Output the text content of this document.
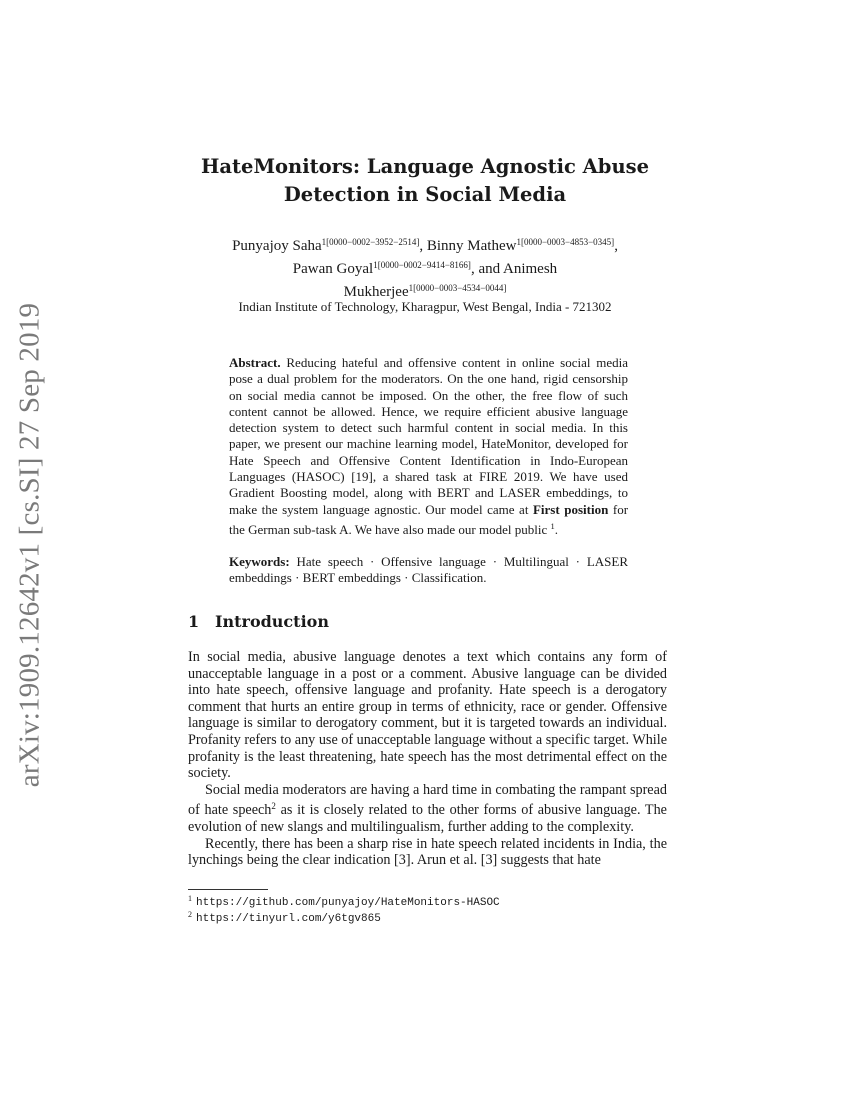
arXiv:1909.12642v1 [cs.SI] 27 Sep 2019
HateMonitors: Language Agnostic Abuse
Detection in Social Media
Punyajoy Saha$^{1[0000-0002-3952-2514]}$, Binny Mathew$^{1[0000-0003-4853-0345]}$,
Pawan Goyal$^{1[0000-0002-9414-8166]}$, and Animesh
Mukherjee$^{1[0000-0003-4534-0044]}$
Indian Institute of Technology, Kharagpur, West Bengal, India - 721302
Abstract. Reducing hateful and offensive content in online social media pose a dual problem for the moderators. On the one hand, rigid censorship on social media cannot be imposed. On the other, the free flow of such content cannot be allowed. Hence, we require efficient abusive language detection system to detect such harmful content in social media. In this paper, we present our machine learning model, HateMonitor, developed for Hate Speech and Offensive Content Identification in Indo-European Languages (HASOC) [19], a shared task at FIRE 2019. We have used Gradient Boosting model, along with BERT and LASER embeddings, to make the system language agnostic. Our model came at First position for the German sub-task A. We have also made our model public $^1$.
Keywords: Hate speech · Offensive language · Multilingual · LASER embeddings · BERT embeddings · Classification.
1 Introduction

In social media, abusive language denotes a text which contains any form of unacceptable language in a post or a comment. Abusive language can be divided into hate speech, offensive language and profanity. Hate speech is a derogatory comment that hurts an entire group in terms of ethnicity, race or gender. Offensive language is similar to derogatory comment, but it is targeted towards an individual. Profanity refers to any use of unacceptable language without a specific target. While profanity is the least threatening, hate speech has the most detrimental effect on the society.

Social media moderators are having a hard time in combating the rampant spread of hate speech$^2$ as it is closely related to the other forms of abusive language. The evolution of new slangs and multilingualism, further adding to the complexity.

Recently, there has been a sharp rise in hate speech related incidents in India, the lynchings being the clear indication [3]. Arun et al. [3] suggests that hate

$^1$ https://github.com/punyajoy/HateMonitors-HASOC
$^2$ https://tinyurl.com/y6tgv865
